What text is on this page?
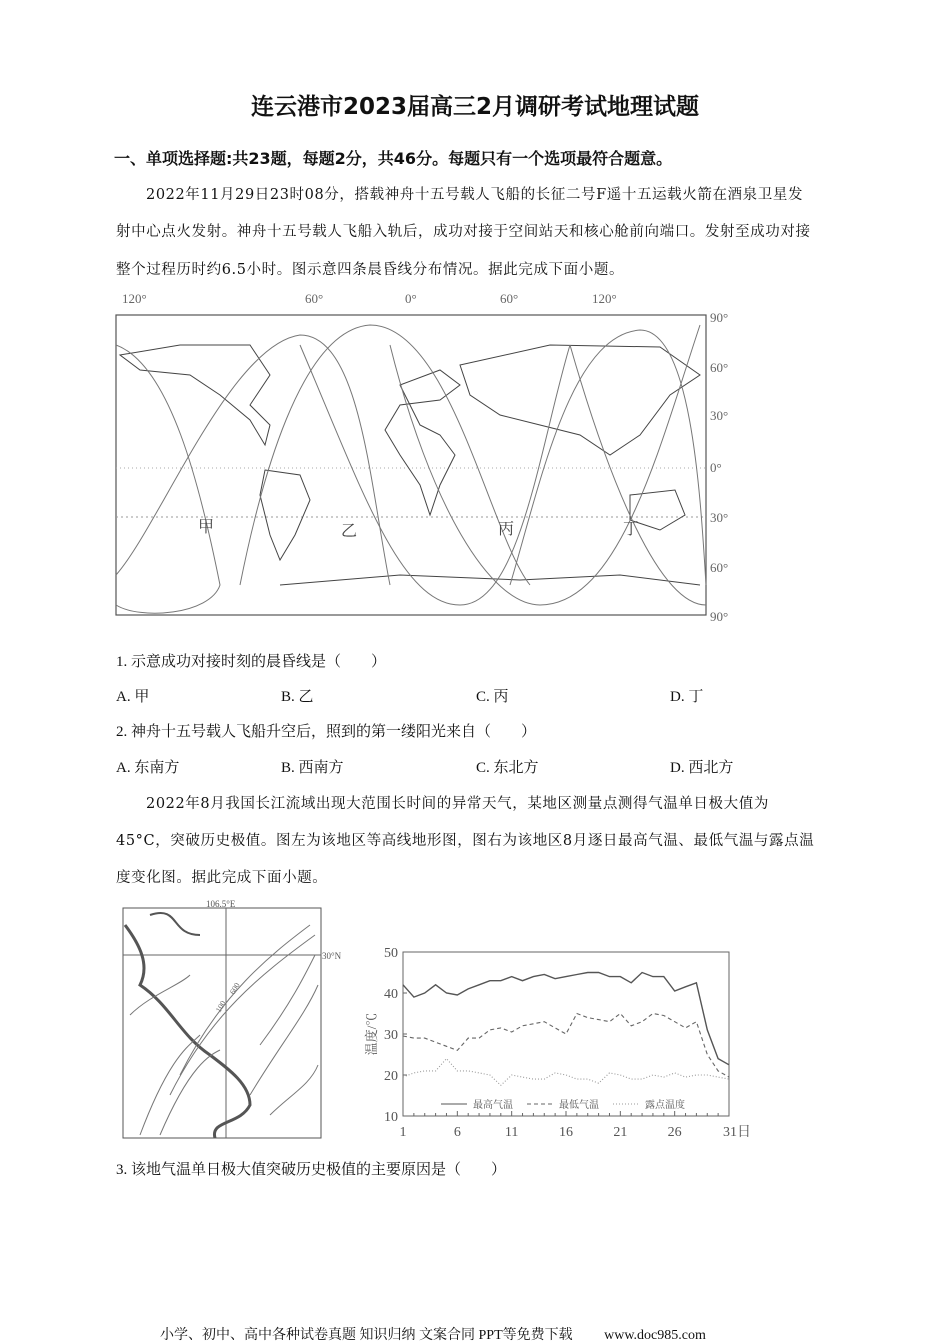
连云港市2023届高三2月调研考试地理试题
一、单项选择题:共23题，每题2分，共46分。每题只有一个选项最符合题意。
2022年11月29日23时08分，搭载神舟十五号载人飞船的长征二号F遥十五运载火箭在酒泉卫星发
射中心点火发射。神舟十五号载人飞船入轨后，成功对接于空间站天和核心舱前向端口。发射至成功对接
整个过程历时约6.5小时。图示意四条晨昏线分布情况。据此完成下面小题。
120°	60°	0°	60°	120°
90°
60°
30°
0°
30°
60°
90°
甲	乙	丙	丁
1. 示意成功对接时刻的晨昏线是（　　）
A. 甲	B. 乙	C. 丙	D. 丁
2. 神舟十五号载人飞船升空后，照到的第一缕阳光来自（　　）
A. 东南方	B. 西南方	C. 东北方	D. 西北方
2022年8月我国长江流域出现大范围长时间的异常天气，某地区测量点测得气温单日极大值为
45°C，突破历史极值。图左为该地区等高线地形图，图右为该地区8月逐日最高气温、最低气温与露点温
度变化图。据此完成下面小题。
106.5°E
30°N
100
600
10
20
30
40
50
1	6	11	16	21	26	31日
温度/℃
最高气温	最低气温	露点温度
3. 该地气温单日极大值突破历史极值的主要原因是（　　）
小学、初中、高中各种试卷真题 知识归纳 文案合同 PPT等免费下载 www.doc985.com
